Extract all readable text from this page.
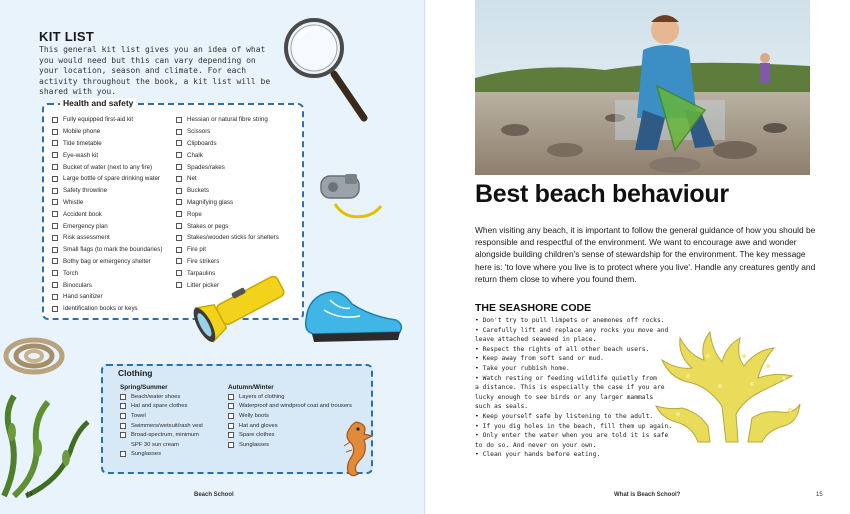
KIT LIST
This general kit list gives you an idea of what you would need but this can vary depending on your location, season and climate. For each activity throughout the book, a kit list will be shared with you.
Health and safety
Fully equipped first-aid kit
Mobile phone
Tide timetable
Eye-wash kit
Bucket of water (next to any fire)
Large bottle of spare drinking water
Safety throwline
Whistle
Accident book
Emergency plan
Risk assessment
Small flags (to mark the boundaries)
Bothy bag or emergency shelter
Torch
Binoculars
Hand sanitizer
Identification books or keys
Hessian or natural fibre string
Scissors
Clipboards
Chalk
Spades/rakes
Net
Buckets
Magnifying glass
Rope
Stakes or pegs
Stakes/wooden sticks for shelters
Fire pit
Fire strikers
Tarpaulins
Litter picker
Clothing
Spring/Summer	Autumn/Winter
Beach/water shoes
Hat and spare clothes
Towel
Swimmers/wetsuit/rash vest
Broad-spectrum, minimum
SPF 30 sun cream
Sunglasses
Layers of clothing
Waterproof and windproof coat and trousers
Welly boots
Hat and gloves
Spare clothes
Sunglasses
14	Beach School
Best beach behaviour
When visiting any beach, it is important to follow the general guidance of how you should be responsible and respectful of the environment. We want to encourage awe and wonder alongside building children's sense of stewardship for the environment. The key message here is: 'to love where you live is to protect where you live'. Handle any creatures gently and return them close to where you found them.
THE SEASHORE CODE
• Don't try to pull limpets or anemones off rocks.
• Carefully lift and replace any rocks you move and
leave attached seaweed in place.
• Respect the rights of all other beach users.
• Keep away from soft sand or mud.
• Take your rubbish home.
• Watch resting or feeding wildlife quietly from
a distance. This is especially the case if you are
lucky enough to see birds or any larger mammals
such as seals.
• Keep yourself safe by listening to the adult.
• If you dig holes in the beach, fill them up again.
• Only enter the water when you are told it is safe
to do so. And never on your own.
• Clean your hands before eating.
What is Beach School?	15
